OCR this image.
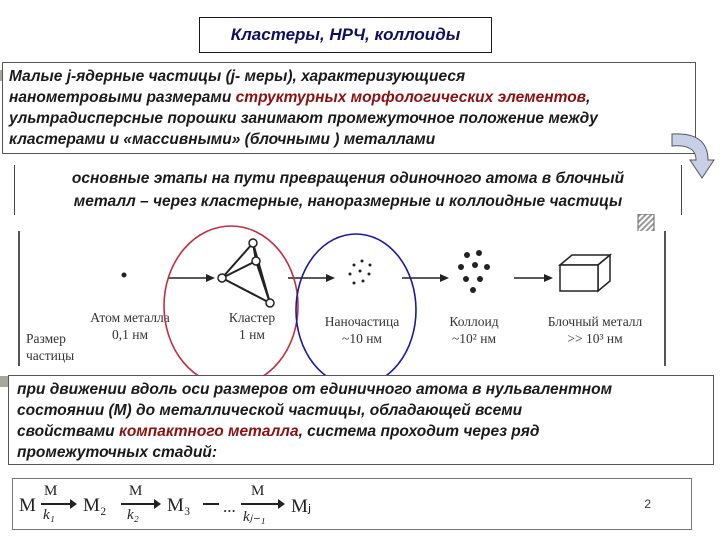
Кластеры, НРЧ, коллоиды
Малые j-ядерные частицы (j- меры), характеризующиеся
нанометровыми размерами структурных морфологических элементов,
ультрадисперсные порошки занимают промежуточное положение между
кластерами и «массивными» (блочными ) металлами
основные этапы на пути превращения одиночного атома в блочный
металл – через кластерные, наноразмерные и коллоидные частицы
Атом металла
0,1 нм
Кластер
1 нм
Наночастица
~10 нм
Коллоид
~10² нм
Блочный металл
>> 10³ нм
Размер
частицы
при движении вдоль оси размеров от единичного атома в нульвалентном
состоянии (М) до металлической частицы, обладающей всеми
свойствами компактного металла, система проходит через ряд
промежуточных стадий:
M
M
k₁ M₂
M
k₂ M₃ ...
M
kⱼ₋₁ Mⱼ	2
